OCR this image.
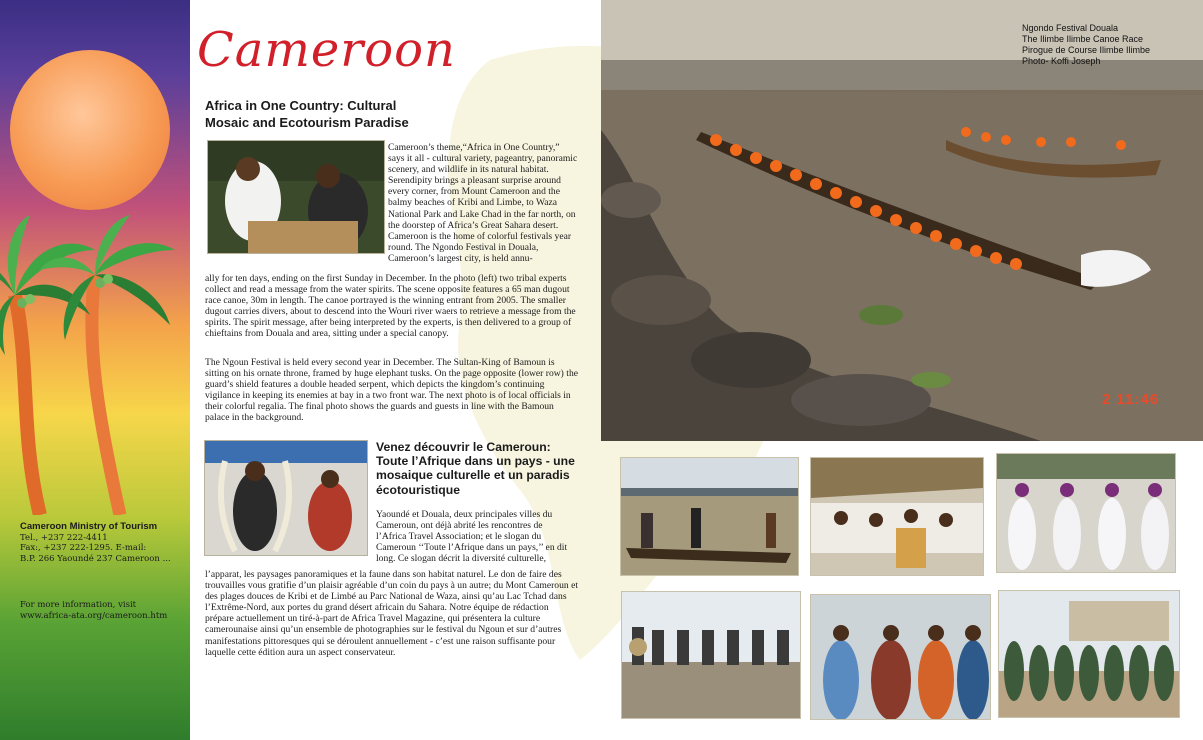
Cameroon Ministry of Tourism
Tel., +237 222-4411
Fax:, +237 222-1295. E-mail:
B.P. 266 Yaoundé 237 Cameroon ...
For more information, visit www.africa-ata.org/cameroon.htm
Cameroon
Africa in One Country: Cultural Mosaic and Ecotourism Paradise
Cameroon’s theme,“Africa in One Country,” says it all - cultural variety, pageantry, panoramic scenery, and wildlife in its natural habitat. Serendipity brings a pleasant surprise around every corner, from Mount Cameroon and the balmy beaches of Kribi and Limbe, to Waza National Park and Lake Chad in the far north, on the doorstep of Africa’s Great Sahara desert. Cameroon is the home of colorful festivals year round. The Ngondo Festival in Douala, Cameroon’s largest city, is held annu-
ally for ten days, ending on the first Sunday in December. In the photo (left) two tribal experts collect and read a message from the water spirits. The scene opposite features a 65 man dugout race canoe, 30m in length. The canoe portrayed is the winning entrant from 2005. The smaller dugout carries divers, about to descend into the Wouri river waers to retrieve a message from the spirits. The spirit message, after being interpreted by the experts, is then delivered to a group of chieftains from Douala and area, sitting under a special canopy.
The Ngoun Festival is held every second year in December. The Sultan-King of Bamoun is sitting on his ornate throne, framed by huge elephant tusks. On the page opposite (lower row) the guard’s shield features a double headed serpent, which depicts the kingdom’s continuing vigilance in keeping its enemies at bay in a two front war. The next photo is of local officials in their colorful regalia. The final photo shows the guards and guests in line with the Bamoun palace in the background.
Venez découvrir le Cameroun: Toute l’Afrique dans un pays - une mosaique culturelle et un paradis écotouristique
Yaoundé et Douala, deux principales villes du Cameroun, ont déjà abrité les rencontres de l’Africa Travel Association; et le slogan du Cameroun ‘‘Toute l’Afrique dans un pays,’’ en dit long. Ce slogan décrit la diversité culturelle,
l’apparat, les paysages panoramiques et la faune dans son habitat naturel. Le don de faire des trouvailles vous gratifie d’un plaisir agréable d’un coin du pays à un autre; du Mont Cameroun et des plages douces de Kribi et de Limbé au Parc National de Waza, ainsi qu’au Lac Tchad dans l’Extrême-Nord, aux portes du grand désert africain du Sahara. Notre équipe de rédaction prépare actuellement un tiré-à-part de Africa Travel Magazine, qui présentera la culture camerounaise ainsi qu’un ensemble de photographies sur le festival du Ngoun et sur d’autres manifestations pittoresques qui se déroulent annuellement - c’est une raison suffisante pour laquelle cette édition aura un aspect conservateur.
Ngondo Festival Douala
The Ilimbe Ilimbe Canoe Race
Pirogue de Course Ilimbe Ilimbe
Photo- Koffi Joseph
2 11:46
